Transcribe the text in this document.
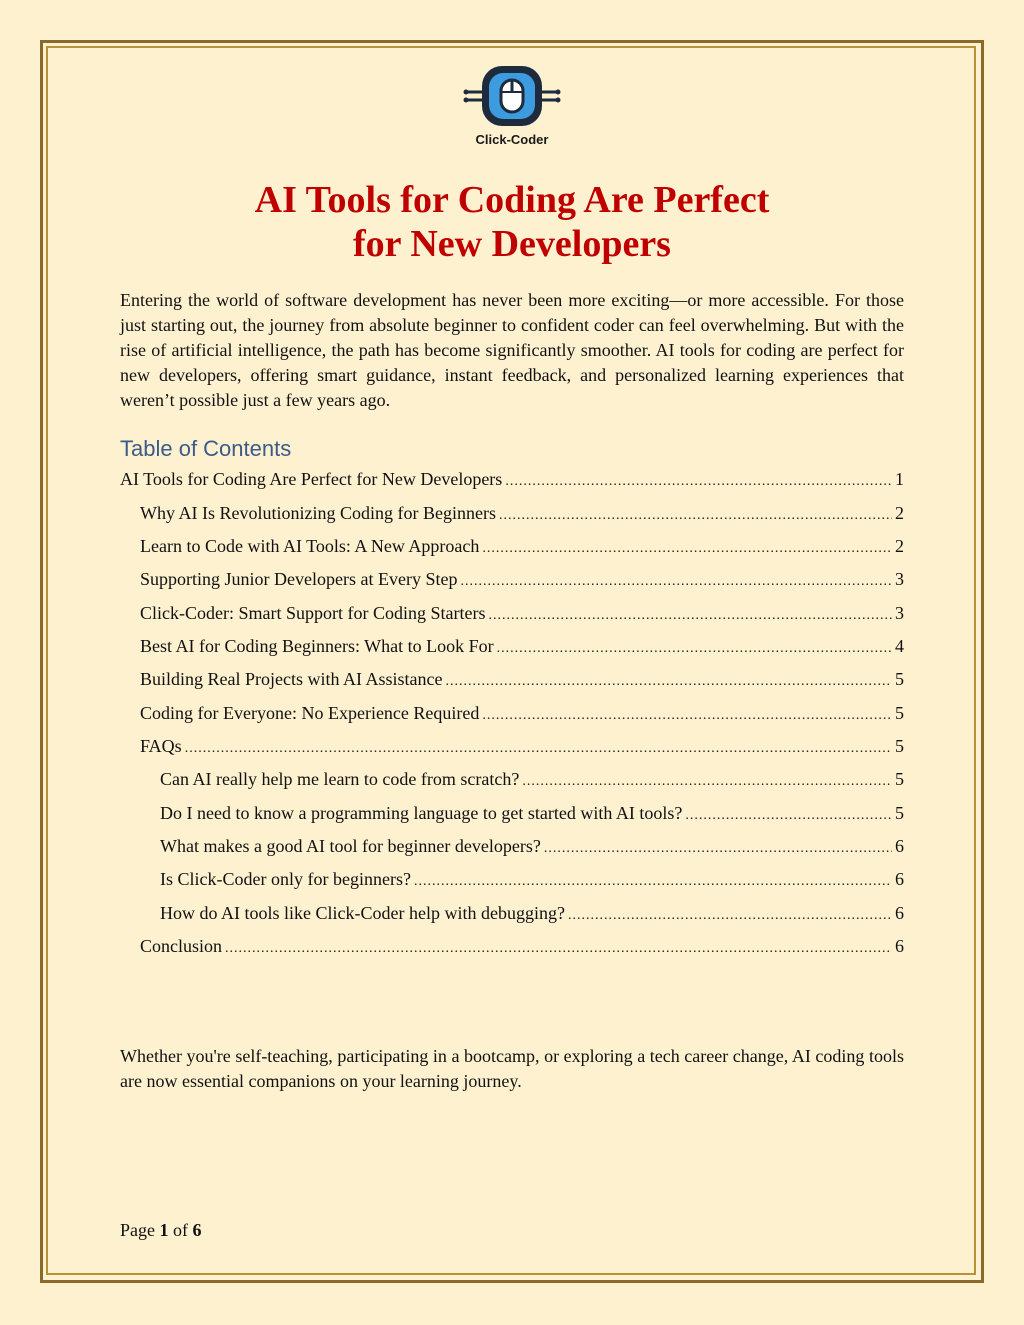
Click-Coder
AI Tools for Coding Are Perfect
for New Developers

Entering the world of software development has never been more exciting—or more accessible. For those just starting out, the journey from absolute beginner to confident coder can feel overwhelming. But with the rise of artificial intelligence, the path has become significantly smoother. AI tools for coding are perfect for new developers, offering smart guidance, instant feedback, and personalized learning experiences that weren’t possible just a few years ago.

Table of Contents
AI Tools for Coding Are Perfect for New Developers .....	1
Why AI Is Revolutionizing Coding for Beginners .....	2
Learn to Code with AI Tools: A New Approach .....	2
Supporting Junior Developers at Every Step .....	3
Click-Coder: Smart Support for Coding Starters .....	3
Best AI for Coding Beginners: What to Look For .....	4
Building Real Projects with AI Assistance .....	5
Coding for Everyone: No Experience Required .....	5
FAQs .....	5
Can AI really help me learn to code from scratch? .....	5
Do I need to know a programming language to get started with AI tools? .....	5
What makes a good AI tool for beginner developers? .....	6
Is Click-Coder only for beginners? .....	6
How do AI tools like Click-Coder help with debugging? .....	6
Conclusion .....	6

Whether you're self-teaching, participating in a bootcamp, or exploring a tech career change, AI coding tools are now essential companions on your learning journey.

Page 1 of 6
